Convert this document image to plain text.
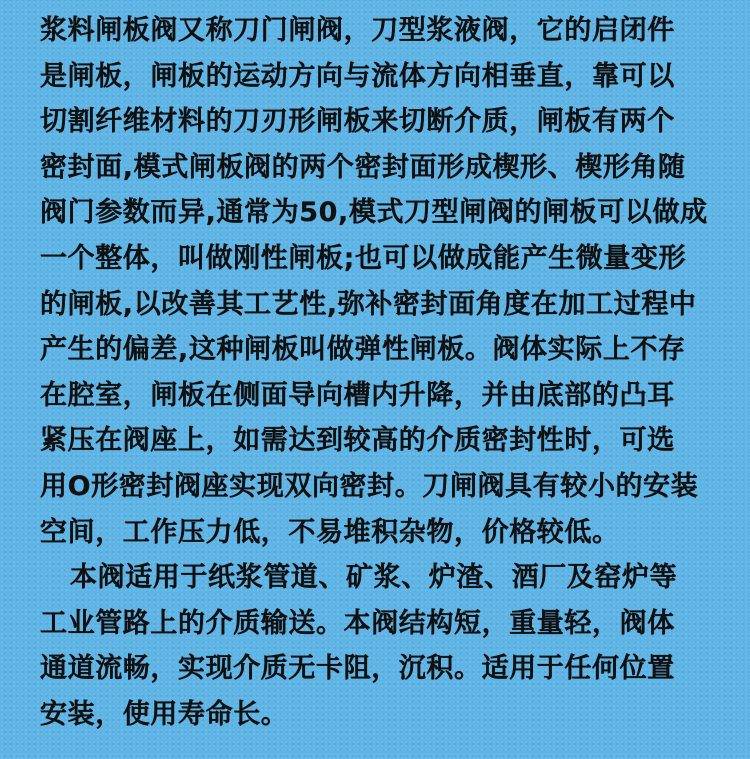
浆料闸板阀又称刀门闸阀，刀型浆液阀，它的启闭件
是闸板，闸板的运动方向与流体方向相垂直，靠可以
切割纤维材料的刀刃形闸板来切断介质，闸板有两个
密封面,模式闸板阀的两个密封面形成楔形、楔形角随
阀门参数而异,通常为50,模式刀型闸阀的闸板可以做成
一个整体，叫做刚性闸板;也可以做成能产生微量变形
的闸板,以改善其工艺性,弥补密封面角度在加工过程中
产生的偏差,这种闸板叫做弹性闸板。阀体实际上不存
在腔室，闸板在侧面导向槽内升降，并由底部的凸耳
紧压在阀座上，如需达到较高的介质密封性时，可选
用O形密封阀座实现双向密封。刀闸阀具有较小的安装
空间，工作压力低，不易堆积杂物，价格较低。
本阀适用于纸浆管道、矿浆、炉渣、酒厂及窑炉等
工业管路上的介质输送。本阀结构短，重量轻，阀体
通道流畅，实现介质无卡阻，沉积。适用于任何位置
安装，使用寿命长。
